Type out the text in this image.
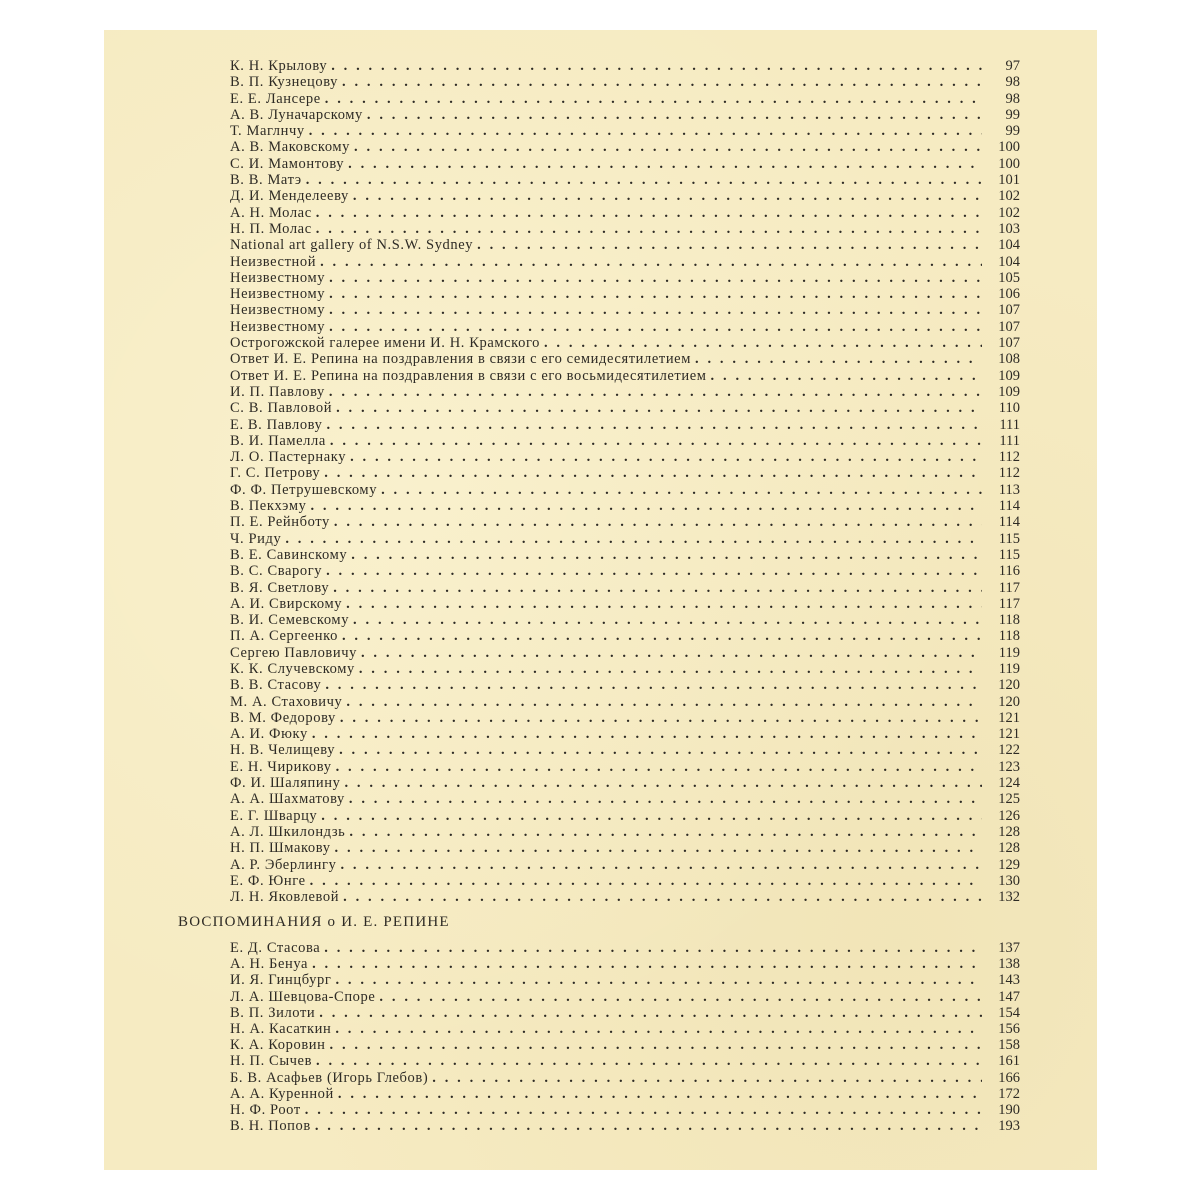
К. Н. Крылову . . .	97
В. П. Кузнецову . . .	98
Е. Е. Лансере . . .	98
А. В. Луначарскому . . .	99
Т. Маглнчу . . .	99
А. В. Маковскому . . .	100
С. И. Мамонтову . . .	100
В. В. Матэ . . .	101
Д. И. Менделееву . . .	102
А. Н. Молас . . .	102
Н. П. Молас . . .	103
National art gallery of N.S.W. Sydney . . .	104
Неизвестной . . .	104
Неизвестному . . .	105
Неизвестному . . .	106
Неизвестному . . .	107
Неизвестному . . .	107
Острогожской галерее имени И. Н. Крамского . . .	107
Ответ И. Е. Репина на поздравления в связи с его семидесятилетием . . .	108
Ответ И. Е. Репина на поздравления в связи с его восьмидесятилетием . . .	109
И. П. Павлову . . .	109
С. В. Павловой . . .	110
Е. В. Павлову . . .	111
В. И. Памелла . . .	111
Л. О. Пастернаку . . .	112
Г. С. Петрову . . .	112
Ф. Ф. Петрушевскому . . .	113
В. Пекхэму . . .	114
П. Е. Рейнботу . . .	114
Ч. Риду . . .	115
В. Е. Савинскому . . .	115
В. С. Сварогу . . .	116
В. Я. Светлову . . .	117
А. И. Свирскому . . .	117
В. И. Семевскому . . .	118
П. А. Сергеенко . . .	118
Сергею Павловичу . . .	119
К. К. Случевскому . . .	119
В. В. Стасову . . .	120
М. А. Стаховичу . . .	120
В. М. Федорову . . .	121
А. И. Фюку . . .	121
Н. В. Челищеву . . .	122
Е. Н. Чирикову . . .	123
Ф. И. Шаляпину . . .	124
А. А. Шахматову . . .	125
Е. Г. Шварцу . . .	126
А. Л. Шкилондзь . . .	128
Н. П. Шмакову . . .	128
А. Р. Эберлингу . . .	129
Е. Ф. Юнге . . .	130
Л. Н. Яковлевой . . .	132
ВОСПОМИНАНИЯ о И. Е. РЕПИНЕ
Е. Д. Стасова . . .	137
А. Н. Бенуа . . .	138
И. Я. Гинцбург . . .	143
Л. А. Шевцова-Споре . . .	147
В. П. Зилоти . . .	154
Н. А. Касаткин . . .	156
К. А. Коровин . . .	158
Н. П. Сычев . . .	161
Б. В. Асафьев (Игорь Глебов) . . .	166
А. А. Куренной . . .	172
Н. Ф. Роот . . .	190
В. Н. Попов . . .	193
